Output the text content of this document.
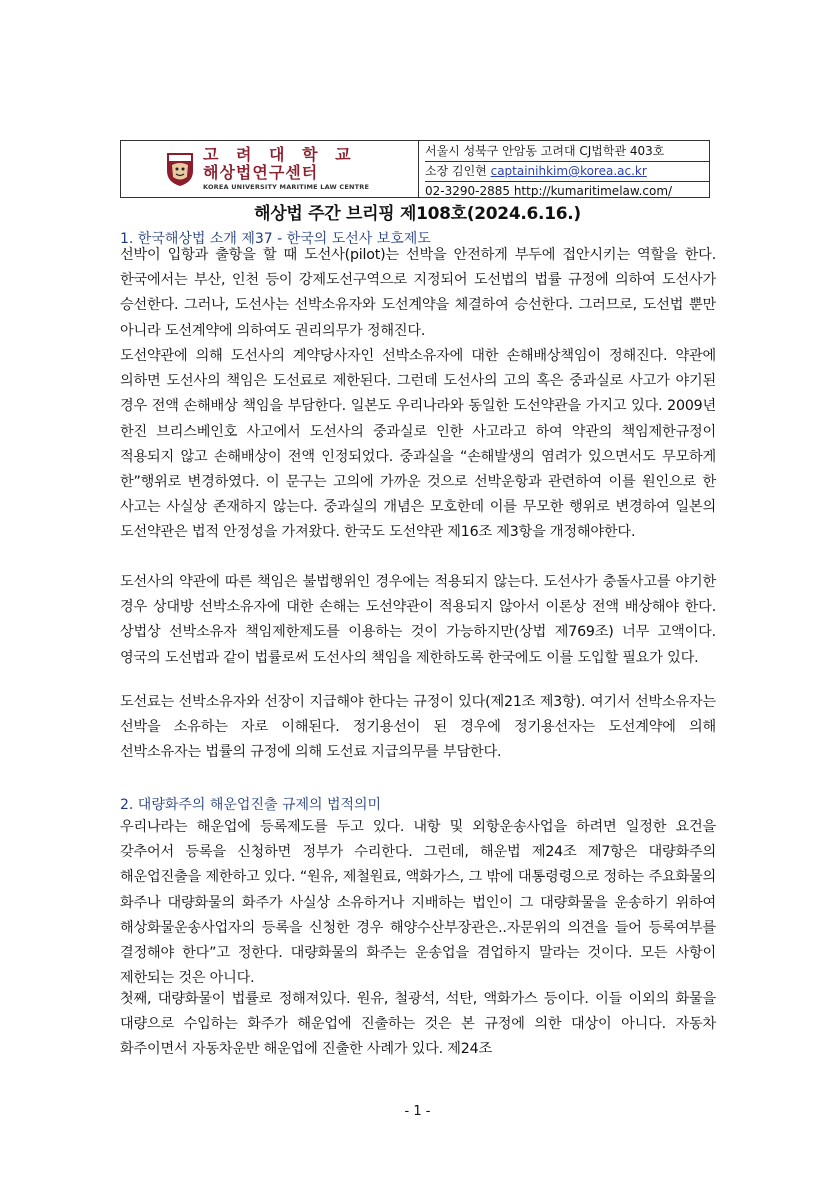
고 려 대 학 교
해상법연구센터
KOREA UNIVERSITY MARITIME LAW CENTRE
서울시 성북구 안암동 고려대 CJ법학관 403호
소장 김인현 captainihkim@korea.ac.kr
02-3290-2885 http://kumaritimelaw.com/
해상법 주간 브리핑 제108호(2024.6.16.)
1. 한국해상법 소개 제37 - 한국의 도선사 보호제도
선박이 입항과 출항을 할 때 도선사(pilot)는 선박을 안전하게 부두에 접안시키는 역할을 한다. 한국에서는 부산, 인천 등이 강제도선구역으로 지정되어 도선법의 법률 규정에 의하여 도선사가 승선한다. 그러나, 도선사는 선박소유자와 도선계약을 체결하여 승선한다. 그러므로, 도선법 뿐만 아니라 도선계약에 의하여도 권리의무가 정해진다.
도선약관에 의해 도선사의 계약당사자인 선박소유자에 대한 손해배상책임이 정해진다. 약관에 의하면 도선사의 책임은 도선료로 제한된다. 그런데 도선사의 고의 혹은 중과실로 사고가 야기된 경우 전액 손해배상 책임을 부담한다. 일본도 우리나라와 동일한 도선약관을 가지고 있다. 2009년 한진 브리스베인호 사고에서 도선사의 중과실로 인한 사고라고 하여 약관의 책임제한규정이 적용되지 않고 손해배상이 전액 인정되었다. 중과실을 “손해발생의 염려가 있으면서도 무모하게 한”행위로 변경하였다. 이 문구는 고의에 가까운 것으로 선박운항과 관련하여 이를 원인으로 한 사고는 사실상 존재하지 않는다. 중과실의 개념은 모호한데 이를 무모한 행위로 변경하여 일본의 도선약관은 법적 안정성을 가져왔다. 한국도 도선약관 제16조 제3항을 개정해야한다.
도선사의 약관에 따른 책임은 불법행위인 경우에는 적용되지 않는다. 도선사가 충돌사고를 야기한 경우 상대방 선박소유자에 대한 손해는 도선약관이 적용되지 않아서 이론상 전액 배상해야 한다. 상법상 선박소유자 책임제한제도를 이용하는 것이 가능하지만(상법 제769조) 너무 고액이다. 영국의 도선법과 같이 법률로써 도선사의 책임을 제한하도록 한국에도 이를 도입할 필요가 있다.
도선료는 선박소유자와 선장이 지급해야 한다는 규정이 있다(제21조 제3항). 여기서 선박소유자는 선박을 소유하는 자로 이해된다. 정기용선이 된 경우에 정기용선자는 도선계약에 의해 선박소유자는 법률의 규정에 의해 도선료 지급의무를 부담한다.
2. 대량화주의 해운업진출 규제의 법적의미
우리나라는 해운업에 등록제도를 두고 있다. 내항 및 외항운송사업을 하려면 일정한 요건을 갖추어서 등록을 신청하면 정부가 수리한다. 그런데, 해운법 제24조 제7항은 대량화주의 해운업진출을 제한하고 있다. “원유, 제철원료, 액화가스, 그 밖에 대통령령으로 정하는 주요화물의 화주나 대량화물의 화주가 사실상 소유하거나 지배하는 법인이 그 대량화물을 운송하기 위하여 해상화물운송사업자의 등록을 신청한 경우 해양수산부장관은..자문위의 의견을 들어 등록여부를 결정해야 한다”고 정한다. 대량화물의 화주는 운송업을 겸업하지 말라는 것이다. 모든 사항이 제한되는 것은 아니다.
첫째, 대량화물이 법률로 정해져있다. 원유, 철광석, 석탄, 액화가스 등이다. 이들 이외의 화물을 대량으로 수입하는 화주가 해운업에 진출하는 것은 본 규정에 의한 대상이 아니다. 자동차 화주이면서 자동차운반 해운업에 진출한 사례가 있다. 제24조
- 1 -
